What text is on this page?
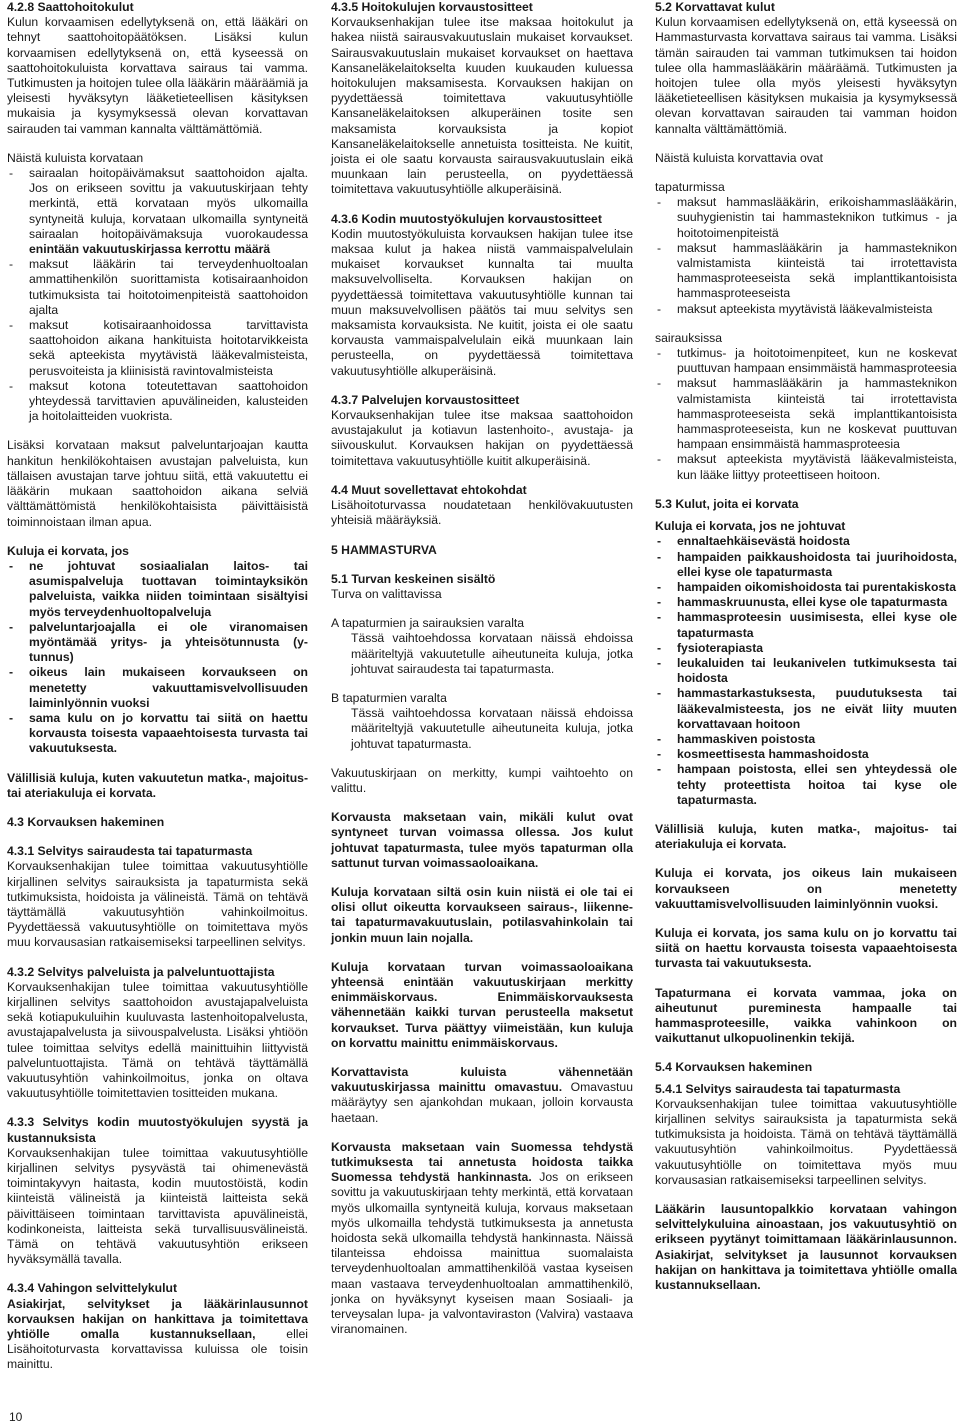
4.2.8 Saattohoitokulut

Kulun korvaamisen edellytyksenä on, että lääkäri on tehnyt saattohoitopäätöksen. Lisäksi kulun korvaamisen edellytyksenä on, että kyseessä on saattohoitokuluista korvattava sairaus tai vamma. Tutkimusten ja hoitojen tulee olla lääkärin määräämiä ja yleisesti hyväksytyn lääketieteellisen käsityksen mukaisia ja kysymyksessä olevan korvattavan sairauden tai vamman kannalta välttämättömiä.

Näistä kuluista korvataan

- sairaalan hoitopäivämaksut saattohoidon ajalta. Jos on erikseen sovittu ja vakuutuskirjaan tehty merkintä, että korvataan myös ulkomailla syntyneitä kuluja, korvataan ulkomailla syntyneitä sairaalan hoitopäivämaksuja vuorokaudessa enintään vakuutuskirjassa kerrottu määrä
- maksut lääkärin tai terveydenhuoltoalan ammattihenkilön suorittamista kotisairaanhoidon tutkimuksista tai hoitotoimenpiteistä saattohoidon ajalta
- maksut kotisairaanhoidossa tarvittavista saattohoidon aikana hankituista hoitotarvikkeista sekä apteekista myytävistä lääkevalmisteista, perusvoiteista ja kliinisistä ravintovalmisteista
- maksut kotona toteutettavan saattohoidon yhteydessä tarvittavien apuvälineiden, kalusteiden ja hoitolaitteiden vuokrista.

Lisäksi korvataan maksut palveluntarjoajan kautta hankitun henkilökohtaisen avustajan palveluista, kun tällaisen avustajan tarve johtuu siitä, että vakuutettu ei lääkärin mukaan saattohoidon aikana selviä välttämättömistä henkilökohtaisista päivittäisistä toiminnoistaan ilman apua.

Kuluja ei korvata, jos

- ne johtuvat sosiaalialan laitos- tai asumispalveluja tuottavan toimintayksikön palveluista, vaikka niiden toimintaan sisältyisi myös terveydenhuoltopalveluja
- palveluntarjoajalla ei ole viranomaisen myöntämää yritys- ja yhteisötunnusta (y- tunnus)
- oikeus lain mukaiseen korvaukseen on menetetty vakuuttamisvelvollisuuden laiminlyönnin vuoksi
- sama kulu on jo korvattu tai siitä on haettu korvausta toisesta vapaaehtoisesta turvasta tai vakuutuksesta.

Välillisiä kuluja, kuten vakuutetun matka-, majoitus- tai ateriakuluja ei korvata.

4.3 Korvauksen hakeminen

4.3.1 Selvitys sairaudesta tai tapaturmasta

Korvauksenhakijan tulee toimittaa vakuutusyhtiölle kirjallinen selvitys sairauksista ja tapaturmista sekä tutkimuksista, hoidoista ja välineistä. Tämä on tehtävä täyttämällä vakuutusyhtiön vahinkoilmoitus. Pyydettäessä vakuutusyhtiölle on toimitettava myös muu korvausasian ratkaisemiseksi tarpeellinen selvitys.

4.3.2 Selvitys palveluista ja palveluntuottajista

Korvauksenhakijan tulee toimittaa vakuutusyhtiölle kirjallinen selvitys saattohoidon avustajapalveluista sekä kotiapukuluihin kuuluvasta lastenhoitopalvelusta, avustajapalvelusta ja siivouspalvelusta. Lisäksi yhtiöön tulee toimittaa selvitys edellä mainittuihin liittyvistä palveluntuottajista. Tämä on tehtävä täyttämällä vakuutusyhtiön vahinkoilmoitus, jonka on oltava vakuutusyhtiölle toimitettavien tositteiden mukana.

4.3.3 Selvitys kodin muutostyökulujen syystä ja kustannuksista

Korvauksenhakijan tulee toimittaa vakuutusyhtiölle kirjallinen selvitys pysyvästä tai ohimenevästä toimintakyvyn haitasta, kodin muutostöistä, kodin kiinteistä välineistä ja kiinteistä laitteista sekä päivittäiseen toimintaan tarvittavista apuvälineistä, kodinkoneista, laitteista sekä turvallisuusvälineistä. Tämä on tehtävä vakuutusyhtiön erikseen hyväksymällä tavalla.

4.3.4 Vahingon selvittelykulut

Asiakirjat, selvitykset ja lääkärinlausunnot korvauksen hakijan on hankittava ja toimitettava yhtiölle omalla kustannuksellaan, ellei Lisähoitoturvasta korvattavissa kuluissa ole toisin mainittu.

4.3.5 Hoitokulujen korvaustositteet

Korvauksenhakijan tulee itse maksaa hoitokulut ja hakea niistä sairausvakuutuslain mukaiset korvaukset. Sairausvakuutuslain mukaiset korvaukset on haettava Kansaneläkelaitokselta kuuden kuukauden kuluessa hoitokulujen maksamisesta. Korvauksen hakijan on pyydettäessä toimitettava vakuutusyhtiölle Kansaneläkelaitoksen alkuperäinen tosite sen maksamista korvauksista ja kopiot Kansaneläkelaitokselle annetuista tositteista. Ne kuitit, joista ei ole saatu korvausta sairausvakuutuslain eikä muunkaan lain perusteella, on pyydettäessä toimitettava vakuutusyhtiölle alkuperäisinä.

4.3.6 Kodin muutostyökulujen korvaustositteet

Kodin muutostyökuluista korvauksen hakijan tulee itse maksaa kulut ja hakea niistä vammaispalvelulain mukaiset korvaukset kunnalta tai muulta maksuvelvolliselta. Korvauksen hakijan on pyydettäessä toimitettava vakuutusyhtiölle kunnan tai muun maksuvelvollisen päätös tai muu selvitys sen maksamista korvauksista. Ne kuitit, joista ei ole saatu korvausta vammaispalvelulain eikä muunkaan lain perusteella, on pyydettäessä toimitettava vakuutusyhtiölle alkuperäisinä.

4.3.7 Palvelujen korvaustositteet

Korvauksenhakijan tulee itse maksaa saattohoidon avustajakulut ja kotiavun lastenhoito-, avustaja- ja siivouskulut. Korvauksen hakijan on pyydettäessä toimitettava vakuutusyhtiölle kuitit alkuperäisinä.

4.4 Muut sovellettavat ehtokohdat

Lisähoitoturvassa noudatetaan henkilövakuutusten yhteisiä määräyksiä.

5 HAMMASTURVA

5.1 Turvan keskeinen sisältö

Turva on valittavissa

A tapaturmien ja sairauksien varalta

Tässä vaihtoehdossa korvataan näissä ehdoissa määriteltyjä vakuutetulle aiheutuneita kuluja, jotka johtuvat sairaudesta tai tapaturmasta.

B tapaturmien varalta

Tässä vaihtoehdossa korvataan näissä ehdoissa määriteltyjä vakuutetulle aiheutuneita kuluja, jotka johtuvat tapaturmasta.

Vakuutuskirjaan on merkitty, kumpi vaihtoehto on valittu.

Korvausta maksetaan vain, mikäli kulut ovat syntyneet turvan voimassa ollessa. Jos kulut johtuvat tapaturmasta, tulee myös tapaturman olla sattunut turvan voimassaoloaikana.

Kuluja korvataan siltä osin kuin niistä ei ole tai ei olisi ollut oikeutta korvaukseen sairaus-, liikenne- tai tapaturmavakuutuslain, potilasvahinkolain tai jonkin muun lain nojalla.

Kuluja korvataan turvan voimassaoloaikana yhteensä enintään vakuutuskirjaan merkitty enimmäiskorvaus. Enimmäiskorvauksesta vähennetään kaikki turvan perusteella maksetut korvaukset. Turva päättyy viimeistään, kun kuluja on korvattu mainittu enimmäiskorvaus.

Korvattavista kuluista vähennetään vakuutuskirjassa mainittu omavastuu. Omavastuu määräytyy sen ajankohdan mukaan, jolloin korvausta haetaan.

Korvausta maksetaan vain Suomessa tehdystä tutkimuksesta tai annetusta hoidosta taikka Suomessa tehdystä hankinnasta. Jos on erikseen sovittu ja vakuutuskirjaan tehty merkintä, että korvataan myös ulkomailla syntyneitä kuluja, korvaus maksetaan myös ulkomailla tehdystä tutkimuksesta ja annetusta hoidosta sekä ulkomailla tehdystä hankinnasta. Näissä tilanteissa ehdoissa mainittua suomalaista terveydenhuoltoalan ammattihenkilöä vastaa kyseisen maan vastaava terveydenhuoltoalan ammattihenkilö, jonka on hyväksynyt kyseisen maan Sosiaali- ja terveysalan lupa- ja valvontaviraston (Valvira) vastaava viranomainen.

5.2 Korvattavat kulut

Kulun korvaamisen edellytyksenä on, että kyseessä on Hammasturvasta korvattava sairaus tai vamma. Lisäksi tämän sairauden tai vamman tutkimuksen tai hoidon tulee olla hammaslääkärin määräämä. Tutkimusten ja hoitojen tulee olla myös yleisesti hyväksytyn lääketieteellisen käsityksen mukaisia ja kysymyksessä olevan korvattavan sairauden tai vamman hoidon kannalta välttämättömiä.

Näistä kuluista korvattavia ovat

tapaturmissa

- maksut hammaslääkärin, erikoishammaslääkärin, suuhygienistin tai hammasteknikon tutkimus - ja hoitotoimenpiteistä
- maksut hammaslääkärin ja hammasteknikon valmistamista kiinteistä tai irrotettavista hammasproteeseista sekä implanttikantoisista hammasproteeseista
- maksut apteekista myytävistä lääkevalmisteista

sairauksissa

- tutkimus- ja hoitotoimenpiteet, kun ne koskevat puuttuvan hampaan ensimmäistä hammasproteesia
- maksut hammaslääkärin ja hammasteknikon valmistamista kiinteistä tai irrotettavista hammasproteeseista sekä implanttikantoisista hammasproteeseista, kun ne koskevat puuttuvan hampaan ensimmäistä hammasproteesia
- maksut apteekista myytävistä lääkevalmisteista, kun lääke liittyy proteettiseen hoitoon.

5.3 Kulut, joita ei korvata

Kuluja ei korvata, jos ne johtuvat

- ennaltaehkäisevästä hoidosta
- hampaiden paikkaushoidosta tai juurihoidosta, ellei kyse ole tapaturmasta
- hampaiden oikomishoidosta tai purentakiskosta
- hammaskruunusta, ellei kyse ole tapaturmasta
- hammasproteesin uusimisesta, ellei kyse ole tapaturmasta
- fysioterapiasta
- leukaluiden tai leukanivelen tutkimuksesta tai hoidosta
- hammastarkastuksesta, puudutuksesta tai lääkevalmisteesta, jos ne eivät liity muuten korvattavaan hoitoon
- hammaskiven poistosta
- kosmeettisesta hammashoidosta
- hampaan poistosta, ellei sen yhteydessä ole tehty proteettista hoitoa tai kyse ole tapaturmasta.

Välillisiä kuluja, kuten matka-, majoitus- tai ateriakuluja ei korvata.

Kuluja ei korvata, jos oikeus lain mukaiseen korvaukseen on menetetty vakuuttamisvelvollisuuden laiminlyönnin vuoksi.

Kuluja ei korvata, jos sama kulu on jo korvattu tai siitä on haettu korvausta toisesta vapaaehtoisesta turvasta tai vakuutuksesta.

Tapaturmana ei korvata vammaa, joka on aiheutunut pureminesta hampaalle tai hammasproteesille, vaikka vahinkoon on vaikuttanut ulkopuolinenkin tekijä.

5.4 Korvauksen hakeminen

5.4.1 Selvitys sairaudesta tai tapaturmasta

Korvauksenhakijan tulee toimittaa vakuutusyhtiölle kirjallinen selvitys sairauksista ja tapaturmista sekä tutkimuksista ja hoidoista. Tämä on tehtävä täyttämällä vakuutusyhtiön vahinkoilmoitus. Pyydettäessä vakuutusyhtiölle on toimitettava myös muu korvausasian ratkaisemiseksi tarpeellinen selvitys.

Lääkärin lausuntopalkkio korvataan vahingon selvittelykuluina ainoastaan, jos vakuutusyhtiö on erikseen pyytänyt toimittamaan lääkärinlausunnon. Asiakirjat, selvitykset ja lausunnot korvauksen hakijan on hankittava ja toimitettava yhtiölle omalla kustannuksellaan.

10
